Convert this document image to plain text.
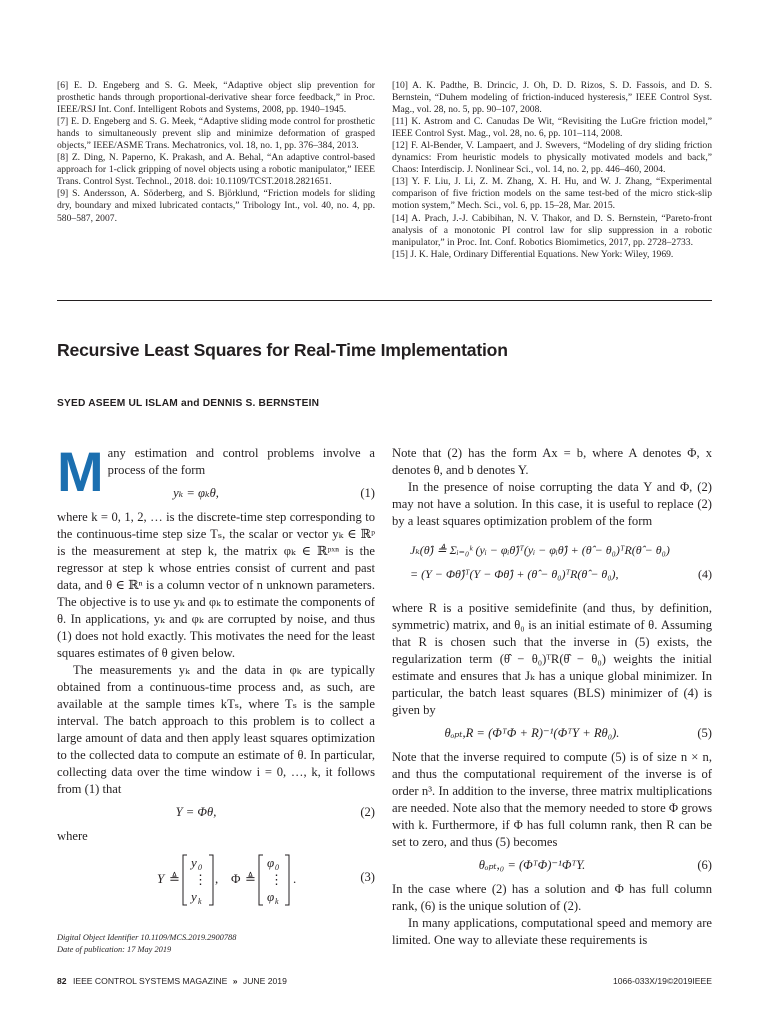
[6] E. D. Engeberg and S. G. Meek, “Adaptive object slip prevention for prosthetic hands through proportional-derivative shear force feedback,” in Proc. IEEE/RSJ Int. Conf. Intelligent Robots and Systems, 2008, pp. 1940–1945.

[7] E. D. Engeberg and S. G. Meek, “Adaptive sliding mode control for prosthetic hands to simultaneously prevent slip and minimize deformation of grasped objects,” IEEE/ASME Trans. Mechatronics, vol. 18, no. 1, pp. 376–384, 2013.

[8] Z. Ding, N. Paperno, K. Prakash, and A. Behal, “An adaptive control-based approach for 1-click gripping of novel objects using a robotic manipulator,” IEEE Trans. Control Syst. Technol., 2018. doi: 10.1109/TCST.2018.2821651.

[9] S. Andersson, A. Söderberg, and S. Björklund, “Friction models for sliding dry, boundary and mixed lubricated contacts,” Tribology Int., vol. 40, no. 4, pp. 580–587, 2007.

[10] A. K. Padthe, B. Drincic, J. Oh, D. D. Rizos, S. D. Fassois, and D. S. Bernstein, “Duhem modeling of friction-induced hysteresis,” IEEE Control Syst. Mag., vol. 28, no. 5, pp. 90–107, 2008.

[11] K. Astrom and C. Canudas De Wit, “Revisiting the LuGre friction model,” IEEE Control Syst. Mag., vol. 28, no. 6, pp. 101–114, 2008.

[12] F. Al-Bender, V. Lampaert, and J. Swevers, “Modeling of dry sliding friction dynamics: From heuristic models to physically motivated models and back,” Chaos: Interdiscip. J. Nonlinear Sci., vol. 14, no. 2, pp. 446–460, 2004.

[13] Y. F. Liu, J. Li, Z. M. Zhang, X. H. Hu, and W. J. Zhang, “Experimental comparison of five friction models on the same test-bed of the micro stick-slip motion system,” Mech. Sci., vol. 6, pp. 15–28, Mar. 2015.

[14] A. Prach, J.-J. Cabibihan, N. V. Thakor, and D. S. Bernstein, “Pareto-front analysis of a monotonic PI control law for slip suppression in a robotic manipulator,” in Proc. Int. Conf. Robotics Biomimetics, 2017, pp. 2728–2733.

[15] J. K. Hale, Ordinary Differential Equations. New York: Wiley, 1969.

Recursive Least Squares for Real-Time Implementation

SYED ASEEM UL ISLAM and DENNIS S. BERNSTEIN

Many estimation and control problems involve a process of the form

yₖ = φₖθ,	(1)

where k = 0, 1, 2, … is the discrete-time step corresponding to the continuous-time step size Tₛ, the scalar or vector yₖ ∈ ℝᵖ is the measurement at step k, the matrix φₖ ∈ ℝᵖˣⁿ is the regressor at step k whose entries consist of current and past data, and θ ∈ ℝⁿ is a column vector of n unknown parameters. The objective is to use yₖ and φₖ to estimate the components of θ. In applications, yₖ and φₖ are corrupted by noise, and thus (1) does not hold exactly. This motivates the need for the least squares estimates of θ given below.

The measurements yₖ and the data in φₖ are typically obtained from a continuous-time process and, as such, are available at the sample times kTₛ, where Tₛ is the sample interval. The batch approach to this problem is to collect a large amount of data and then apply least squares optimization to the collected data to compute an estimate of θ. In particular, collecting data over the time window i = 0, …, k, it follows from (1) that

Y = Φθ,	(2)

where

Y ≜
y 0
⋮
y k
, Φ ≜
φ 0
⋮
φ k
.	(3)

Note that (2) has the form Ax = b, where A denotes Φ, x denotes θ, and b denotes Y.

In the presence of noise corrupting the data Y and Φ, (2) may not have a solution. In this case, it is useful to replace (2) by a least squares optimization problem of the form

Jₖ(θ̂) ≜ Σᵢ₌₀ᵏ (yᵢ − φᵢθ̂)ᵀ(yᵢ − φᵢθ̂) + (θ̂ − θ₀)ᵀR(θ̂ − θ₀)
= (Y − Φθ̂)ᵀ(Y − Φθ̂) + (θ̂ − θ₀)ᵀR(θ̂ − θ₀),	(4)

where R is a positive semidefinite (and thus, by definition, symmetric) matrix, and θ₀ is an initial estimate of θ. Assuming that R is chosen such that the inverse in (5) exists, the regularization term (θ̂ − θ₀)ᵀR(θ̂ − θ₀) weights the initial estimate and ensures that Jₖ has a unique global minimizer. In particular, the batch least squares (BLS) minimizer of (4) is given by

θₒₚₜ,R = (ΦᵀΦ + R)⁻¹(ΦᵀY + Rθ₀).	(5)

Note that the inverse required to compute (5) is of size n × n, and thus the computational requirement of the inverse is of order n³. In addition to the inverse, three matrix multiplications are needed. Note also that the memory needed to store Φ grows with k. Furthermore, if Φ has full column rank, then R can be set to zero, and thus (5) becomes

θₒₚₜ,₀ = (ΦᵀΦ)⁻¹ΦᵀY.	(6)

In the case where (2) has a solution and Φ has full column rank, (6) is the unique solution of (2).

In many applications, computational speed and memory are limited. One way to alleviate these requirements is

Digital Object Identifier 10.1109/MCS.2019.2900788

Date of publication: 17 May 2019

82 IEEE CONTROL SYSTEMS MAGAZINE » JUNE 2019	1066-033X/19©2019IEEE
